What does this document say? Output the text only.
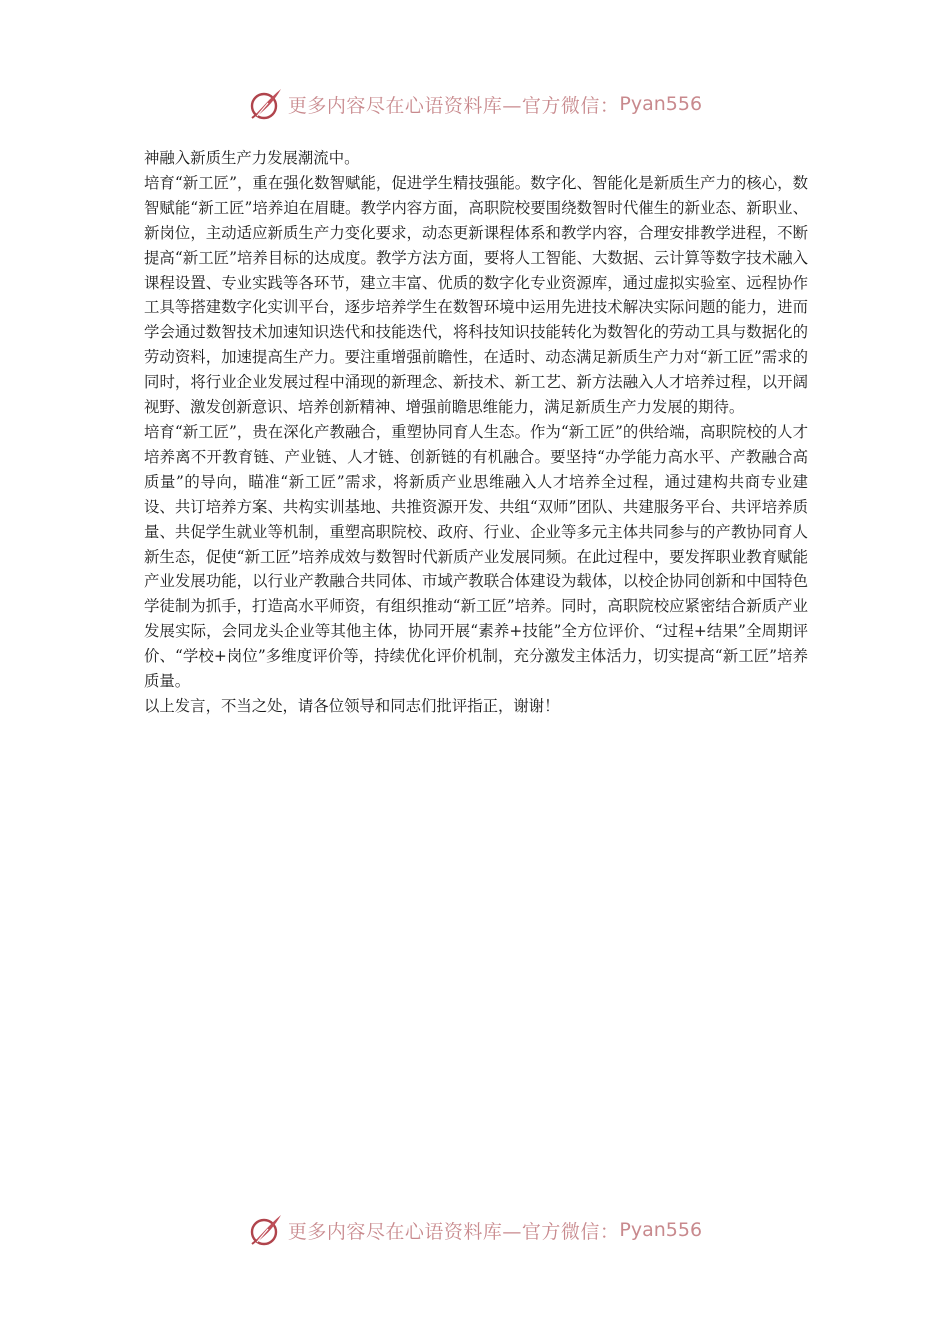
更多内容尽在心语资料库—官方微信： Pyan556

神融入新质生产力发展潮流中。

培育“新工匠”，重在强化数智赋能，促进学生精技强能。数字化、智能化是新质生产力的核心，数智赋能“新工匠”培养迫在眉睫。教学内容方面，高职院校要围绕数智时代催生的新业态、新职业、新岗位，主动适应新质生产力变化要求，动态更新课程体系和教学内容，合理安排教学进程，不断提高“新工匠”培养目标的达成度。教学方法方面，要将人工智能、大数据、云计算等数字技术融入课程设置、专业实践等各环节，建立丰富、优质的数字化专业资源库，通过虚拟实验室、远程协作工具等搭建数字化实训平台，逐步培养学生在数智环境中运用先进技术解决实际问题的能力，进而学会通过数智技术加速知识迭代和技能迭代，将科技知识技能转化为数智化的劳动工具与数据化的劳动资料，加速提高生产力。要注重增强前瞻性，在适时、动态满足新质生产力对“新工匠”需求的同时，将行业企业发展过程中涌现的新理念、新技术、新工艺、新方法融入人才培养过程，以开阔视野、激发创新意识、培养创新精神、增强前瞻思维能力，满足新质生产力发展的期待。

培育“新工匠”，贵在深化产教融合，重塑协同育人生态。作为“新工匠”的供给端，高职院校的人才培养离不开教育链、产业链、人才链、创新链的有机融合。要坚持“办学能力高水平、产教融合高质量”的导向，瞄准“新工匠”需求，将新质产业思维融入人才培养全过程，通过建构共商专业建设、共订培养方案、共构实训基地、共推资源开发、共组“双师”团队、共建服务平台、共评培养质量、共促学生就业等机制，重塑高职院校、政府、行业、企业等多元主体共同参与的产教协同育人新生态，促使“新工匠”培养成效与数智时代新质产业发展同频。在此过程中，要发挥职业教育赋能产业发展功能，以行业产教融合共同体、市域产教联合体建设为载体，以校企协同创新和中国特色学徒制为抓手，打造高水平师资，有组织推动“新工匠”培养。同时，高职院校应紧密结合新质产业发展实际，会同龙头企业等其他主体，协同开展“素养+技能”全方位评价、“过程+结果”全周期评价、“学校+岗位”多维度评价等，持续优化评价机制，充分激发主体活力，切实提高“新工匠”培养质量。

以上发言，不当之处，请各位领导和同志们批评指正，谢谢！

更多内容尽在心语资料库—官方微信： Pyan556
